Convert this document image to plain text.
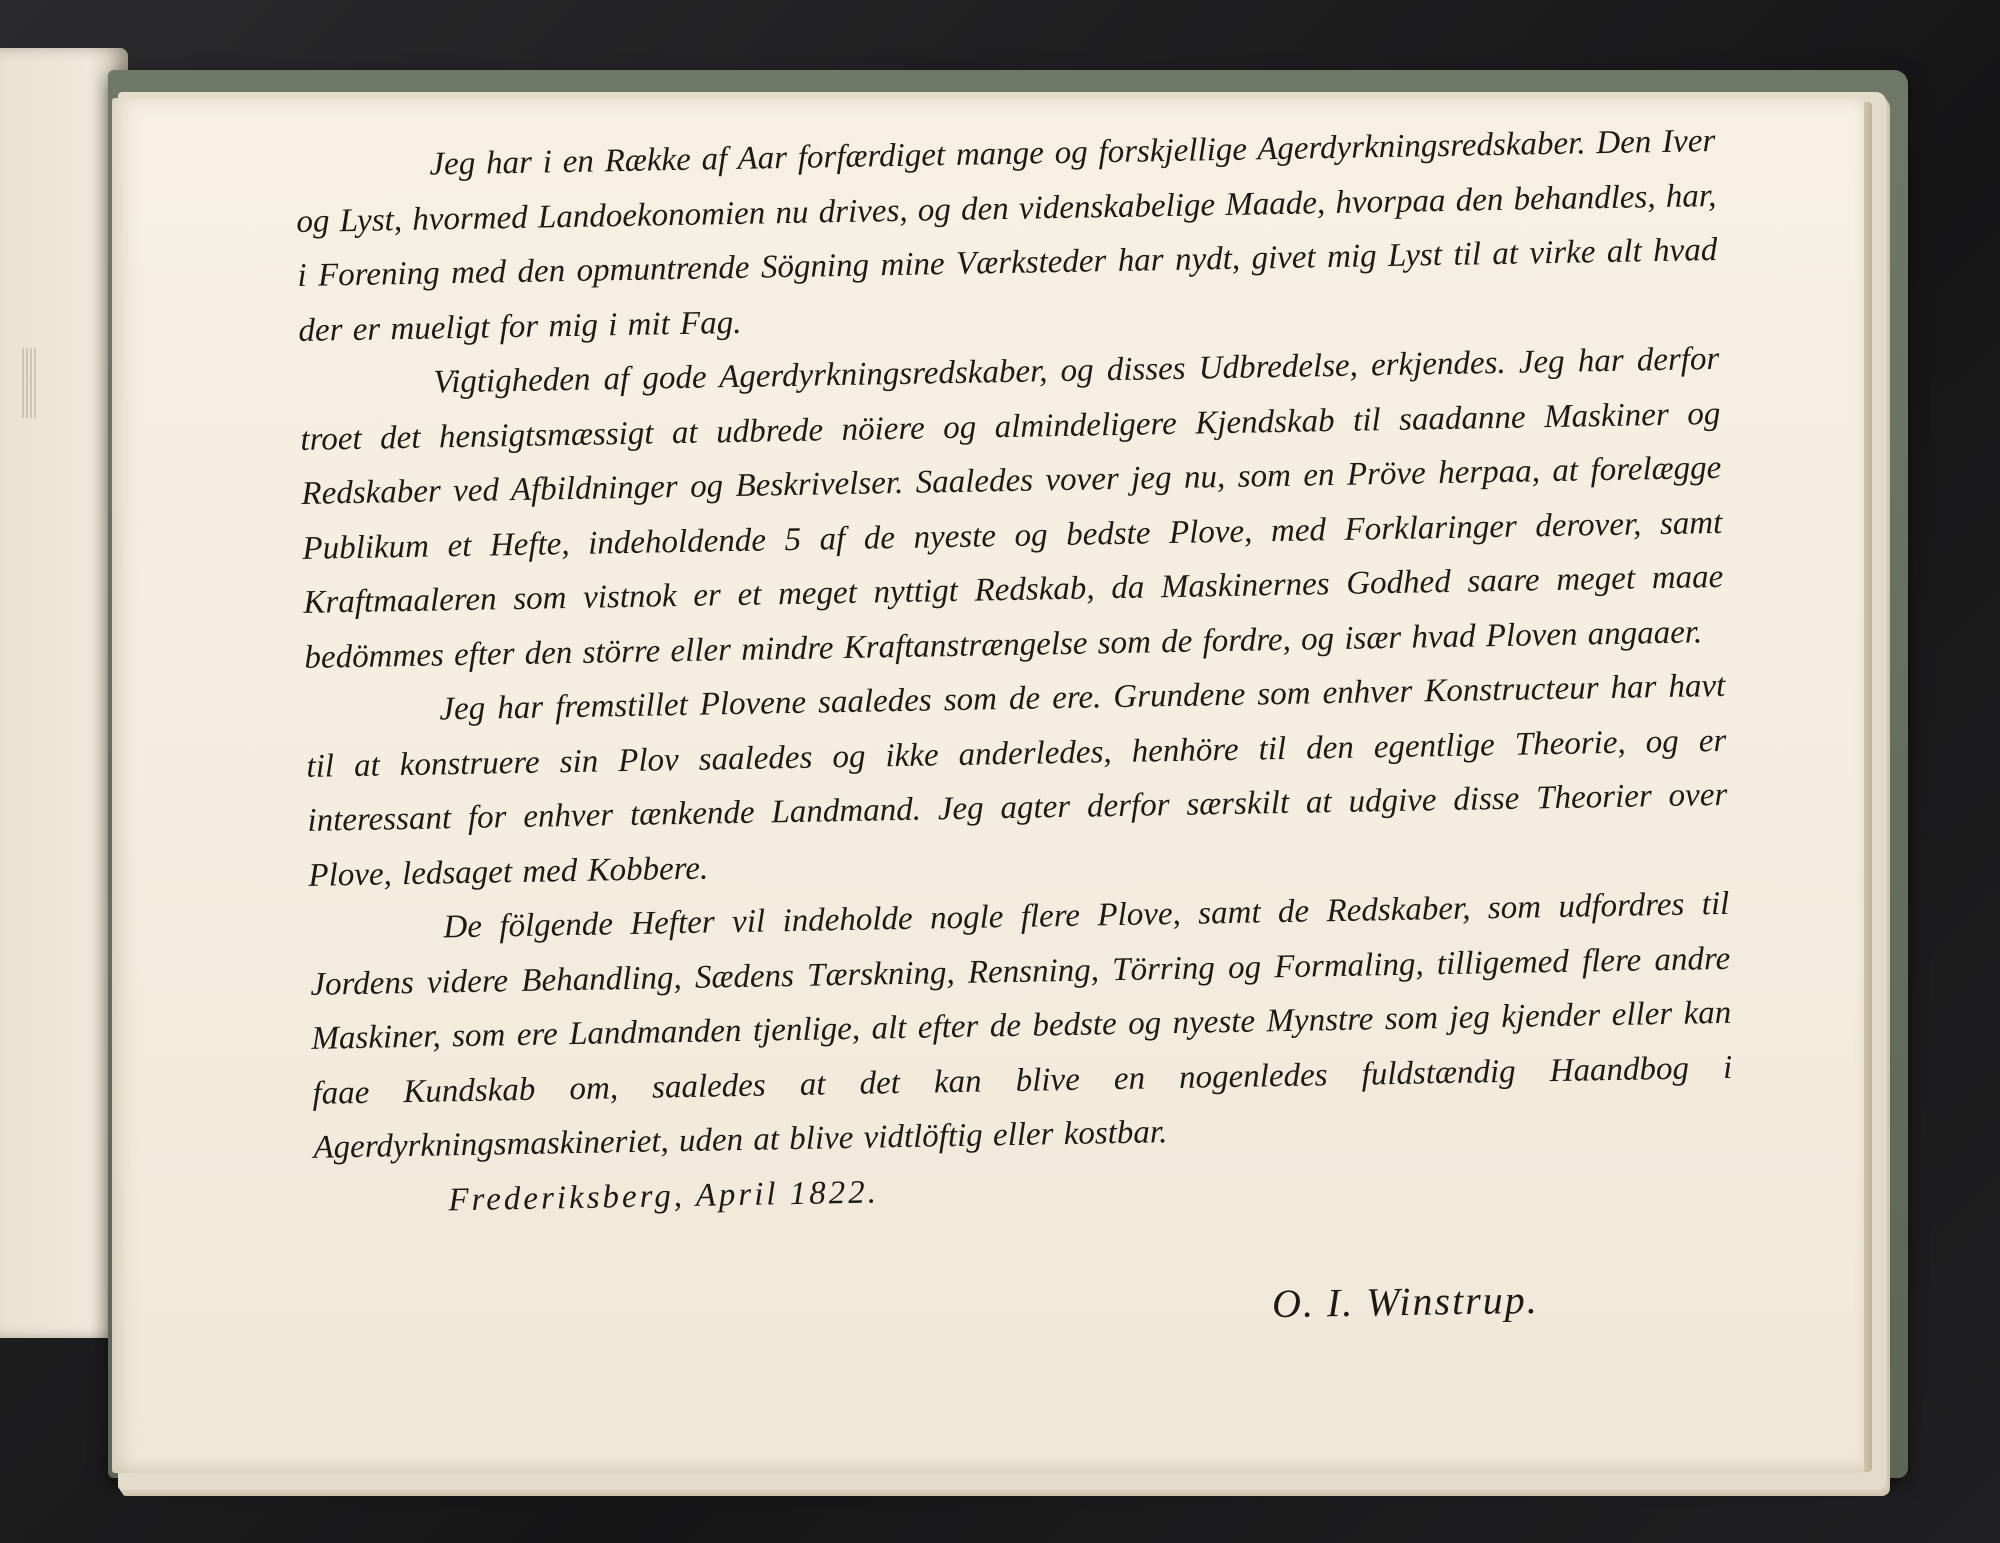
Jeg har i en Række af Aar forfærdiget mange og forskjellige Agerdyrkningsredskaber. Den Iver og Lyst, hvormed Landoekonomien nu drives, og den videnskabelige Maade, hvorpaa den behandles, har, i Forening med den opmuntrende Sögning mine Værksteder har nydt, givet mig Lyst til at virke alt hvad der er mueligt for mig i mit Fag.

Vigtigheden af gode Agerdyrkningsredskaber, og disses Udbredelse, erkjendes. Jeg har derfor troet det hensigtsmæssigt at udbrede nöiere og almindeligere Kjendskab til saadanne Maskiner og Redskaber ved Afbildninger og Beskrivelser. Saaledes vover jeg nu, som en Pröve herpaa, at forelægge Publikum et Hefte, indeholdende 5 af de nyeste og bedste Plove, med Forklaringer derover, samt Kraftmaaleren som vistnok er et meget nyttigt Redskab, da Maskinernes Godhed saare meget maae bedömmes efter den större eller mindre Kraftanstrængelse som de fordre, og især hvad Ploven angaaer.

Jeg har fremstillet Plovene saaledes som de ere. Grundene som enhver Konstructeur har havt til at konstruere sin Plov saaledes og ikke anderledes, henhöre til den egentlige Theorie, og er interessant for enhver tænkende Landmand. Jeg agter derfor særskilt at udgive disse Theorier over Plove, ledsaget med Kobbere.

De fölgende Hefter vil indeholde nogle flere Plove, samt de Redskaber, som udfordres til Jordens videre Behandling, Sædens Tærskning, Rensning, Törring og Formaling, tilligemed flere andre Maskiner, som ere Landmanden tjenlige, alt efter de bedste og nyeste Mynstre som jeg kjender eller kan faae Kundskab om, saaledes at det kan blive en nogenledes fuldstændig Haandbog i Agerdyrkningsmaskineriet, uden at blive vidtlöftig eller kostbar.

Frederiksberg, April 1822.

O. I. Winstrup.
